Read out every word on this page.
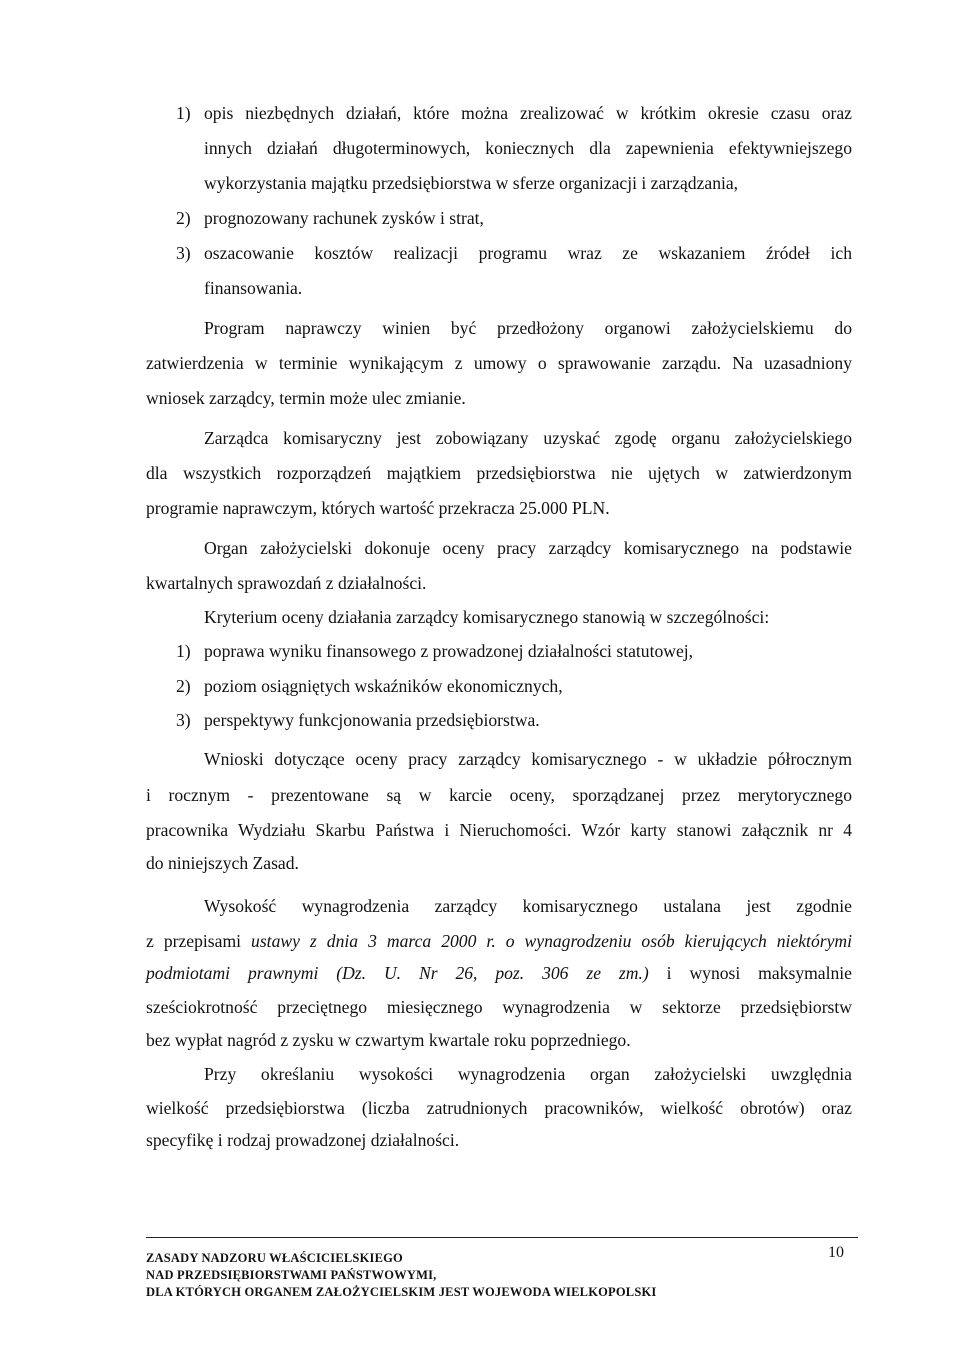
1) opis niezbędnych działań, które można zrealizować w krótkim okresie czasu oraz
innych działań długoterminowych, koniecznych dla zapewnienia efektywniejszego
wykorzystania majątku przedsiębiorstwa w sferze organizacji i zarządzania,
2) prognozowany rachunek zysków i strat,
3) oszacowanie kosztów realizacji programu wraz ze wskazaniem źródeł ich
finansowania.
Program naprawczy winien być przedłożony organowi założycielskiemu do
zatwierdzenia w terminie wynikającym z umowy o sprawowanie zarządu. Na uzasadniony
wniosek zarządcy, termin może ulec zmianie.
Zarządca komisaryczny jest zobowiązany uzyskać zgodę organu założycielskiego
dla wszystkich rozporządzeń majątkiem przedsiębiorstwa nie ujętych w zatwierdzonym
programie naprawczym, których wartość przekracza 25.000 PLN.
Organ założycielski dokonuje oceny pracy zarządcy komisarycznego na podstawie
kwartalnych sprawozdań z działalności.
Kryterium oceny działania zarządcy komisarycznego stanowią w szczególności:
1) poprawa wyniku finansowego z prowadzonej działalności statutowej,
2) poziom osiągniętych wskaźników ekonomicznych,
3) perspektywy funkcjonowania przedsiębiorstwa.
Wnioski dotyczące oceny pracy zarządcy komisarycznego - w układzie półrocznym
i rocznym - prezentowane są w karcie oceny, sporządzanej przez merytorycznego
pracownika Wydziału Skarbu Państwa i Nieruchomości. Wzór karty stanowi załącznik nr 4
do niniejszych Zasad.
Wysokość wynagrodzenia zarządcy komisarycznego ustalana jest zgodnie
z przepisami ustawy z dnia 3 marca 2000 r. o wynagrodzeniu osób kierujących niektórymi
podmiotami prawnymi (Dz. U. Nr 26, poz. 306 ze zm.) i wynosi maksymalnie
sześciokrotność przeciętnego miesięcznego wynagrodzenia w sektorze przedsiębiorstw
bez wypłat nagród z zysku w czwartym kwartale roku poprzedniego.
Przy określaniu wysokości wynagrodzenia organ założycielski uwzględnia
wielkość przedsiębiorstwa (liczba zatrudnionych pracowników, wielkość obrotów) oraz
specyfikę i rodzaj prowadzonej działalności.
ZASADY NADZORU WŁAŚCICIELSKIEGO
NAD PRZEDSIĘBIORSTWAMI PAŃSTWOWYMI,
DLA KTÓRYCH ORGANEM ZAŁOŻYCIELSKIM JEST WOJEWODA WIELKOPOLSKI
10
